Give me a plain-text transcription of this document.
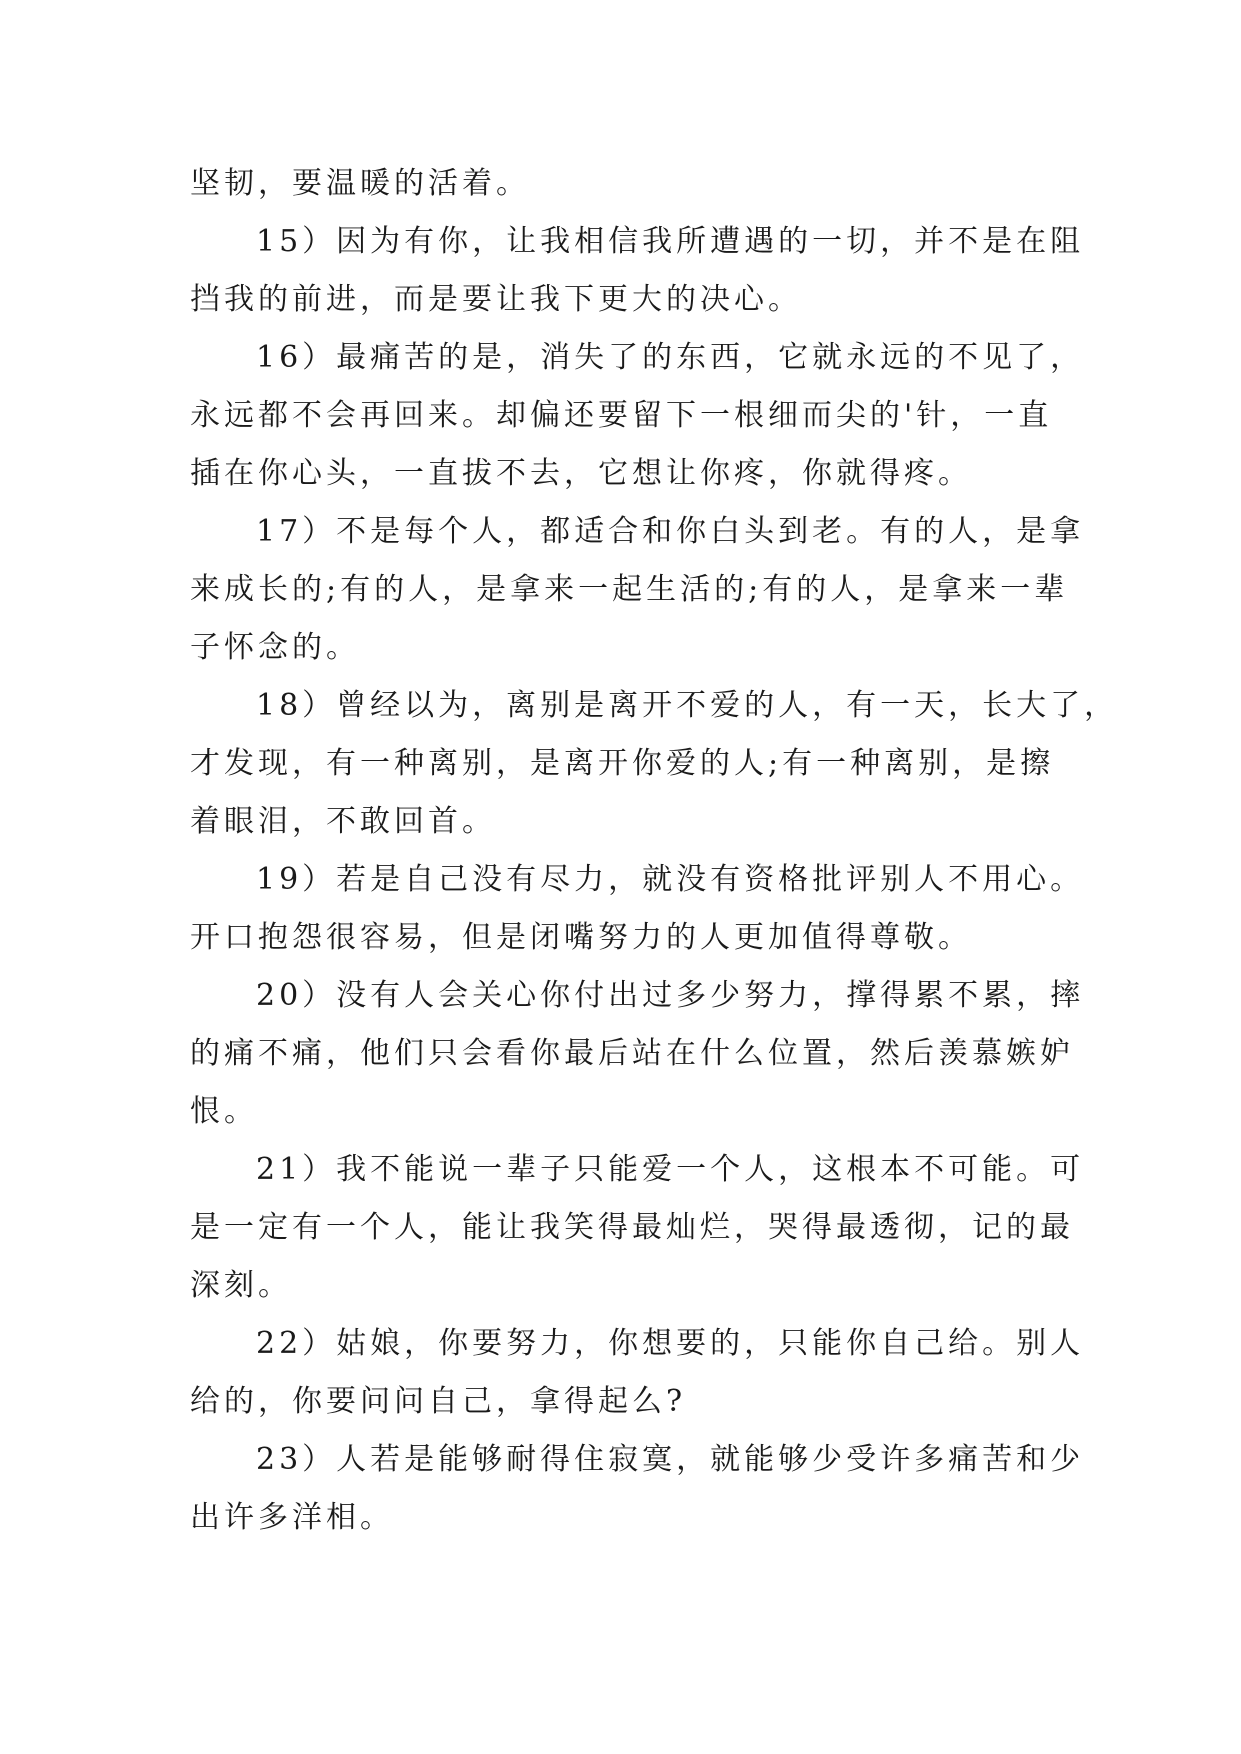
坚韧，要温暖的活着。
15）因为有你，让我相信我所遭遇的一切，并不是在阻
挡我的前进，而是要让我下更大的决心。
16）最痛苦的是，消失了的东西，它就永远的不见了，
永远都不会再回来。却偏还要留下一根细而尖的'针，一直
插在你心头，一直拔不去，它想让你疼，你就得疼。
17）不是每个人，都适合和你白头到老。有的人，是拿
来成长的;有的人，是拿来一起生活的;有的人，是拿来一辈
子怀念的。
18）曾经以为，离别是离开不爱的人，有一天，长大了，
才发现，有一种离别，是离开你爱的人;有一种离别，是擦
着眼泪，不敢回首。
19）若是自己没有尽力，就没有资格批评别人不用心。
开口抱怨很容易，但是闭嘴努力的人更加值得尊敬。
20）没有人会关心你付出过多少努力，撑得累不累，摔
的痛不痛，他们只会看你最后站在什么位置，然后羡慕嫉妒
恨。
21）我不能说一辈子只能爱一个人，这根本不可能。可
是一定有一个人，能让我笑得最灿烂，哭得最透彻，记的最
深刻。
22）姑娘，你要努力，你想要的，只能你自己给。别人
给的，你要问问自己，拿得起么?
23）人若是能够耐得住寂寞，就能够少受许多痛苦和少
出许多洋相。
